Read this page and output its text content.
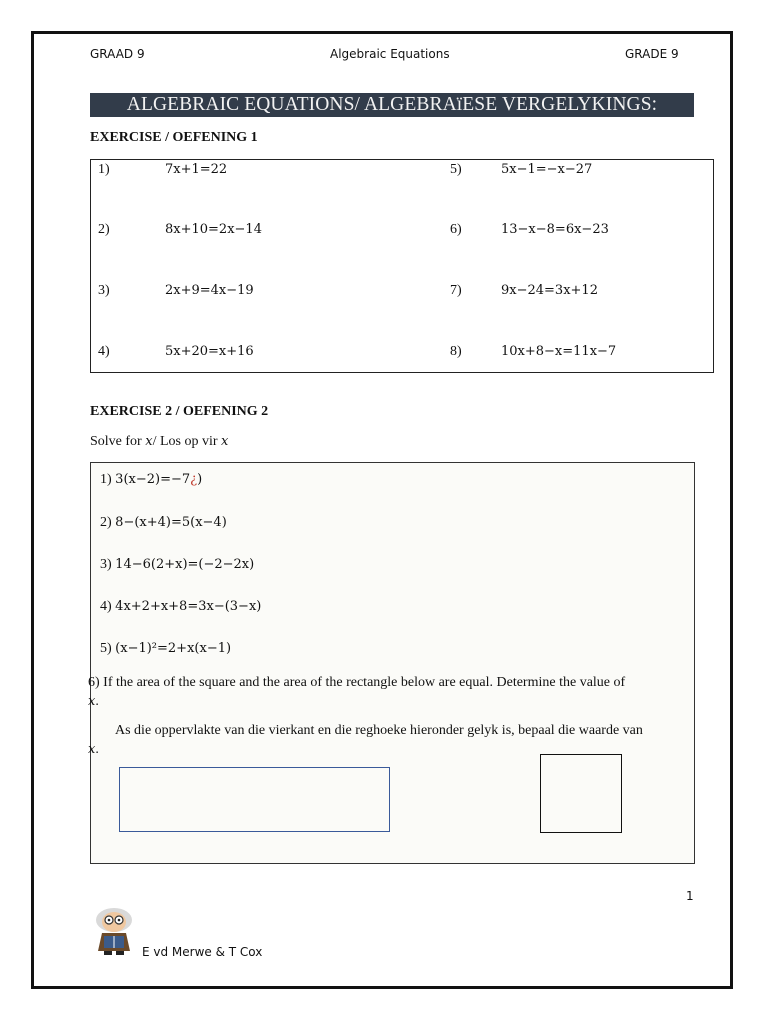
GRAAD 9	Algebraic Equations	GRADE 9
ALGEBRAIC EQUATIONS/ ALGEBRAïESE VERGELYKINGS:
EXERCISE / OEFENING 1
1)	7x+1=22
2)	8x+10=2x−14
3)	2x+9=4x−19
4)	5x+20=x+16
5)	5x−1=−x−27
6)	13−x−8=6x−23
7)	9x−24=3x+12
8)	10x+8−x=11x−7
EXERCISE 2 / OEFENING 2
Solve for x/ Los op vir x
1) 3(x−2)=−7¿)
2) 8−(x+4)=5(x−4)
3) 14−6(2+x)=(−2−2x)
4) 4x+2+x+8=3x−(3−x)
5) (x−1)²=2+x(x−1)
6) If the area of the square and the area of the rectangle below are equal. Determine the value of
x.
As die oppervlakte van die vierkant en die reghoeke hieronder gelyk is, bepaal die waarde van
x.
1
E vd Merwe & T Cox
